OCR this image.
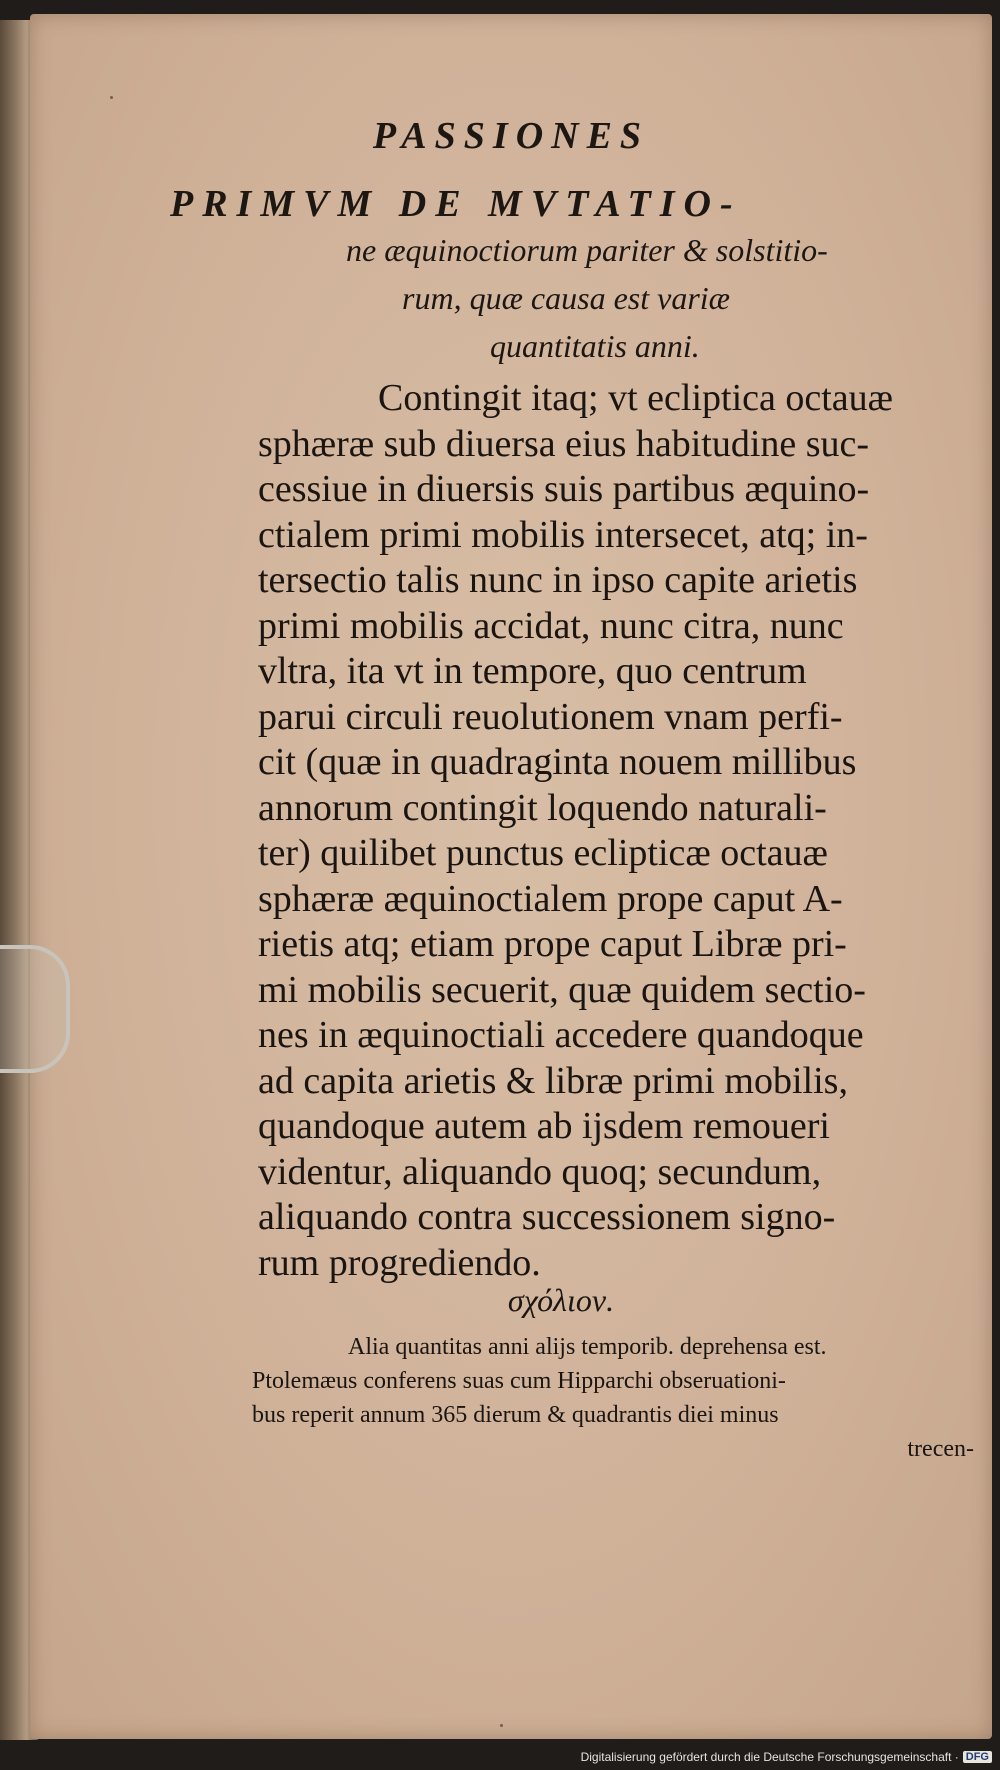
PASSIONES
PRIMVM DE MVTATIO-
ne æquinoctiorum pariter & solstitio-
rum, quæ causa est variæ
quantitatis anni.
Contingit itaq; vt ecliptica octauæ
sphæræ sub diuersa eius habitudine suc-
cessiue in diuersis suis partibus æquino-
ctialem primi mobilis intersecet, atq; in-
tersectio talis nunc in ipso capite arietis
primi mobilis accidat, nunc citra, nunc
vltra, ita vt in tempore, quo centrum
parui circuli reuolutionem vnam perfi-
cit (quæ in quadraginta nouem millibus
annorum contingit loquendo naturali-
ter) quilibet punctus eclipticæ octauæ
sphæræ æquinoctialem prope caput A-
rietis atq; etiam prope caput Libræ pri-
mi mobilis secuerit, quæ quidem sectio-
nes in æquinoctiali accedere quandoque
ad capita arietis & libræ primi mobilis,
quandoque autem ab ijsdem remoueri
videntur, aliquando quoq; secundum,
aliquando contra successionem signo-
rum progrediendo.
σχόλιον.
Alia quantitas anni alijs temporib. deprehensa est.
Ptolemæus conferens suas cum Hipparchi obseruationi-
bus reperit annum 365 dierum & quadrantis diei minus
trecen-
Digitalisierung gefördert durch die Deutsche Forschungsgemeinschaft · DFG
